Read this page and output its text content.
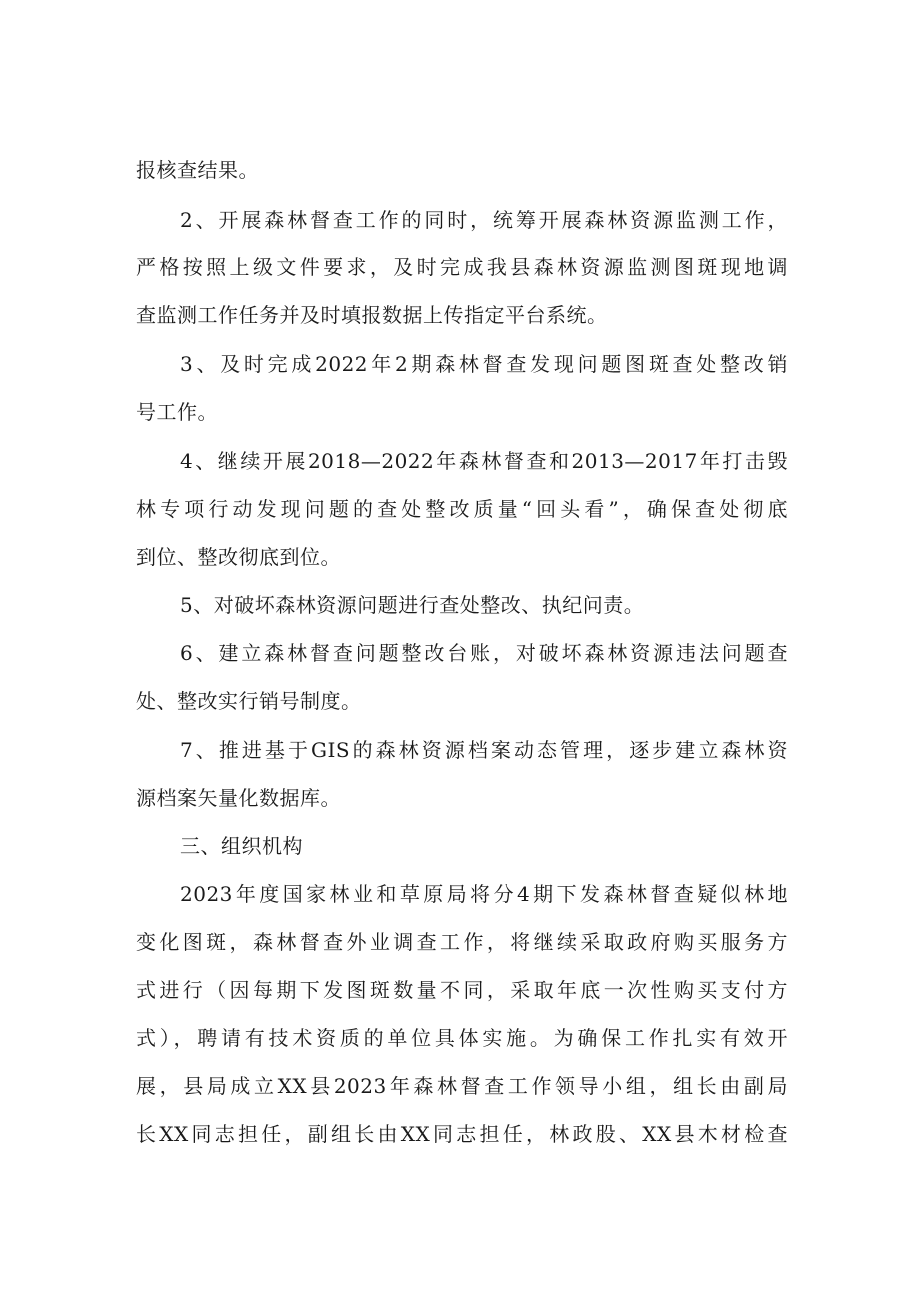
报核查结果。
2、开展森林督查工作的同时，统筹开展森林资源监测工作，
严格按照上级文件要求，及时完成我县森林资源监测图斑现地调
查监测工作任务并及时填报数据上传指定平台系统。
3、及时完成2022年2期森林督查发现问题图斑查处整改销
号工作。
4、继续开展2018—2022年森林督查和2013—2017年打击毁
林专项行动发现问题的查处整改质量“回头看”，确保查处彻底
到位、整改彻底到位。
5、对破坏森林资源问题进行查处整改、执纪问责。
6、建立森林督查问题整改台账，对破坏森林资源违法问题查
处、整改实行销号制度。
7、推进基于GIS的森林资源档案动态管理，逐步建立森林资
源档案矢量化数据库。
三、组织机构
2023年度国家林业和草原局将分4期下发森林督查疑似林地
变化图斑，森林督查外业调查工作，将继续采取政府购买服务方
式进行（因每期下发图斑数量不同，采取年底一次性购买支付方
式），聘请有技术资质的单位具体实施。为确保工作扎实有效开
展，县局成立XX县2023年森林督查工作领导小组，组长由副局
长XX同志担任，副组长由XX同志担任，林政股、XX县木材检查
